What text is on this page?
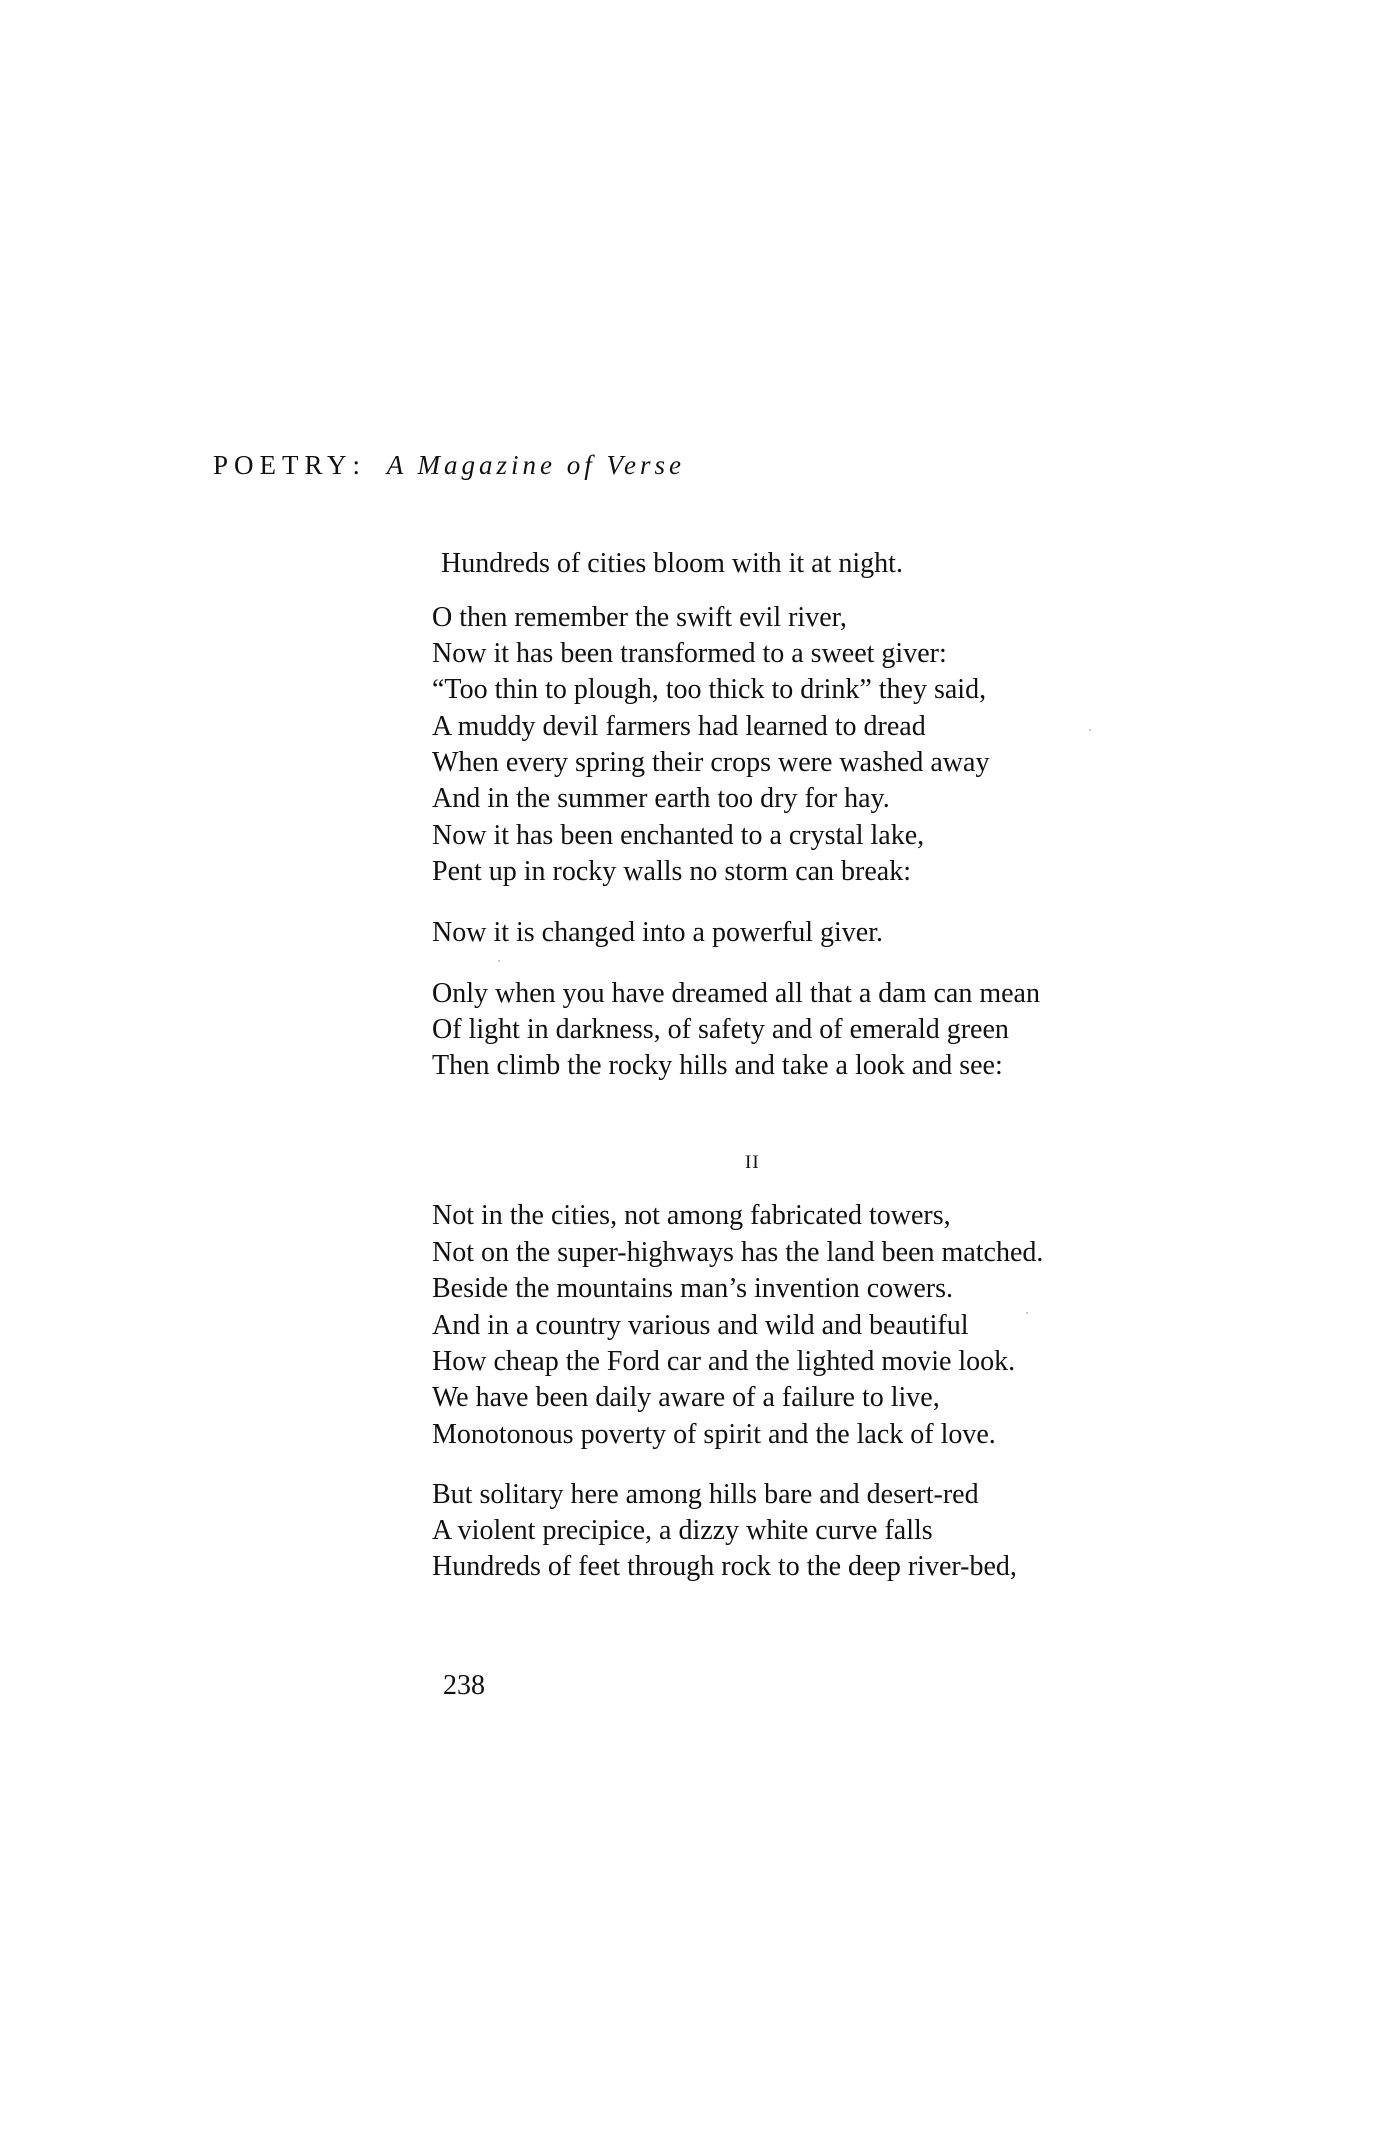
POETRY: A Magazine of Verse
Hundreds of cities bloom with it at night.
O then remember the swift evil river,
Now it has been transformed to a sweet giver:
“Too thin to plough, too thick to drink” they said,
A muddy devil farmers had learned to dread
When every spring their crops were washed away
And in the summer earth too dry for hay.
Now it has been enchanted to a crystal lake,
Pent up in rocky walls no storm can break:
Now it is changed into a powerful giver.
Only when you have dreamed all that a dam can mean
Of light in darkness, of safety and of emerald green
Then climb the rocky hills and take a look and see:
Not in the cities, not among fabricated towers,
Not on the super-highways has the land been matched.
Beside the mountains man’s invention cowers.
And in a country various and wild and beautiful
How cheap the Ford car and the lighted movie look.
We have been daily aware of a failure to live,
Monotonous poverty of spirit and the lack of love.
But solitary here among hills bare and desert-red
A violent precipice, a dizzy white curve falls
Hundreds of feet through rock to the deep river-bed,
II
238
